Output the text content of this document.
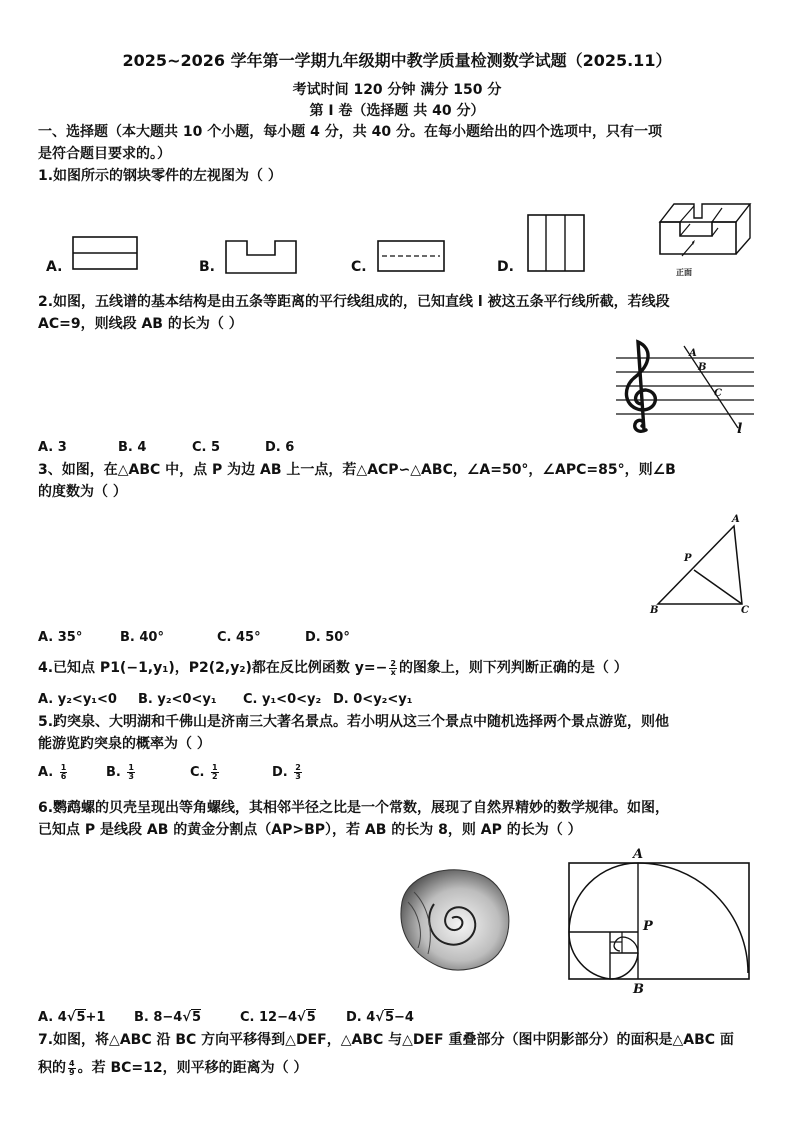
2025~2026 学年第一学期九年级期中教学质量检测数学试题（2025.11）
考试时间 120 分钟 满分 150 分
第 Ⅰ 卷（选择题 共 40 分）
一、选择题（本大题共 10 个小题，每小题 4 分，共 40 分。在每小题给出的四个选项中，只有一项
是符合题目要求的。）
1.如图所示的钢块零件的左视图为（ ）
A.	B.	C.	D.	正面
2.如图，五线谱的基本结构是由五条等距离的平行线组成的，已知直线 l 被这五条平行线所截，若线段
AC=9，则线段 AB 的长为（ ）
A
B
C
l
A. 3	B. 4	C. 5	D. 6
3、如图，在△ABC 中，点 P 为边 AB 上一点，若△ACP∽△ABC，∠A=50°，∠APC=85°，则∠B
的度数为（ ）
A
P
B	C
A. 35°	B. 40°	C. 45°	D. 50°
4.已知点 P1(−1,y₁)，P2(2,y₂)都在反比例函数 $y=- \frac{2}{x}$ 的图象上，则下列判断正确的是（ ）
A. y₂<y₁<0 B. y₂<0<y₁ C. y₁<0<y₂ D. 0<y₂<y₁
5.趵突泉、大明湖和千佛山是济南三大著名景点。若小明从这三个景点中随机选择两个景点游览，则他
能游览趵突泉的概率为（ ）
A. $\frac{1}{6}$	B. $\frac{1}{3}$	C. $\frac{1}{2}$	D. $\frac{2}{3}$
6.鹦鹉螺的贝壳呈现出等角螺线，其相邻半径之比是一个常数，展现了自然界精妙的数学规律。如图，
已知点 P 是线段 AB 的黄金分割点（AP>BP），若 AB 的长为 8，则 AP 的长为（ ）
A
P
B
A. 4√5+1 B. 8−4√5	C. 12−4√5 D. 4√5−4
7.如图，将△ABC 沿 BC 方向平移得到△DEF，△ABC 与△DEF 重叠部分（图中阴影部分）的面积是△ABC 面
积的 $\frac{4}{9}$ 。若 BC=12，则平移的距离为（ ）
